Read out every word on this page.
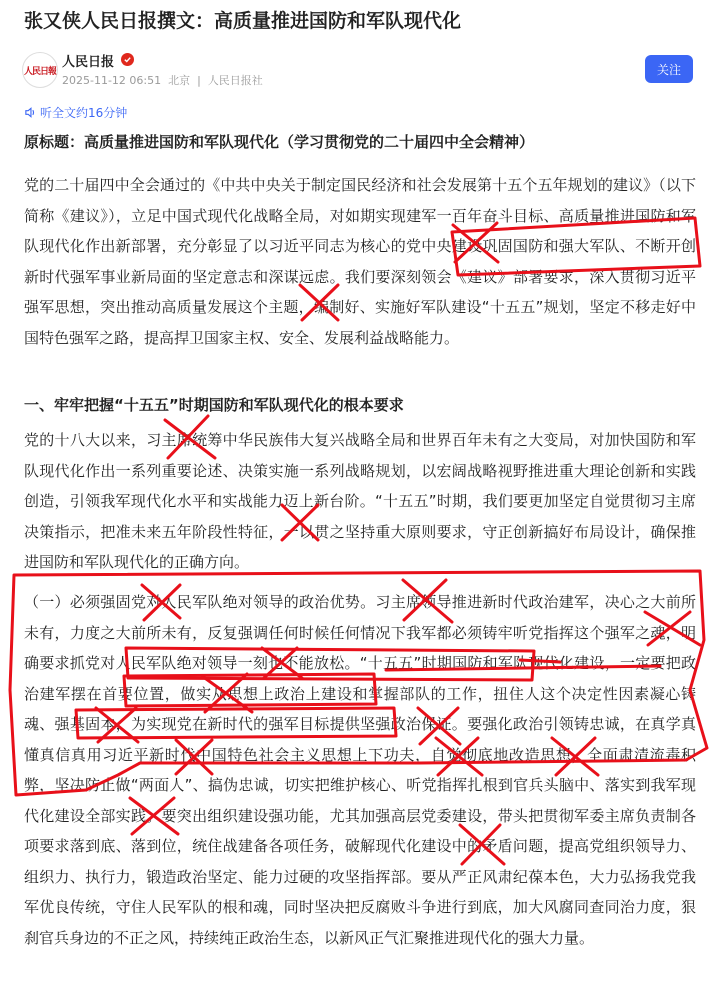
张又侠人民日报撰文：高质量推进国防和军队现代化
人民日報
人民日报
2025-11-12 06:51  北京  |  人民日报社
关注
听全文约16分钟
原标题：高质量推进国防和军队现代化（学习贯彻党的二十届四中全会精神）
党的二十届四中全会通过的《中共中央关于制定国民经济和社会发展第十五个五年规划的建议》（以下简称《建议》），立足中国式现代化战略全局，对如期实现建军一百年奋斗目标、高质量推进国防和军队现代化作出新部署，充分彰显了以习近平同志为核心的党中央建设巩固国防和强大军队、不断开创新时代强军事业新局面的坚定意志和深谋远虑。我们要深刻领会《建议》部署要求，深入贯彻习近平强军思想，突出推动高质量发展这个主题，编制好、实施好军队建设“十五五”规划，坚定不移走好中国特色强军之路，提高捍卫国家主权、安全、发展利益战略能力。
一、牢牢把握“十五五”时期国防和军队现代化的根本要求
党的十八大以来，习主席统筹中华民族伟大复兴战略全局和世界百年未有之大变局，对加快国防和军队现代化作出一系列重要论述、决策实施一系列战略规划，以宏阔战略视野推进重大理论创新和实践创造，引领我军现代化水平和实战能力迈上新台阶。“十五五”时期，我们要更加坚定自觉贯彻习主席决策指示，把准未来五年阶段性特征，一以贯之坚持重大原则要求，守正创新搞好布局设计，确保推进国防和军队现代化的正确方向。
（一）必须强固党对人民军队绝对领导的政治优势。习主席领导推进新时代政治建军，决心之大前所未有，力度之大前所未有，反复强调任何时候任何情况下我军都必须铸牢听党指挥这个强军之魂，明确要求抓党对人民军队绝对领导一刻也不能放松。“十五五”时期国防和军队现代化建设，一定要把政治建军摆在首要位置，做实从思想上政治上建设和掌握部队的工作，扭住人这个决定性因素凝心铸魂、强基固本，为实现党在新时代的强军目标提供坚强政治保证。要强化政治引领铸忠诚，在真学真懂真信真用习近平新时代中国特色社会主义思想上下功夫，自觉彻底地改造思想，全面肃清流毒积弊，坚决防止做“两面人”、搞伪忠诚，切实把维护核心、听党指挥扎根到官兵头脑中、落实到我军现代化建设全部实践。要突出组织建设强功能，尤其加强高层党委建设，带头把贯彻军委主席负责制各项要求落到底、落到位，统住战建备各项任务，破解现代化建设中的矛盾问题，提高党组织领导力、组织力、执行力，锻造政治坚定、能力过硬的攻坚指挥部。要从严正风肃纪葆本色，大力弘扬我党我军优良传统，守住人民军队的根和魂，同时坚决把反腐败斗争进行到底，加大风腐同查同治力度，狠刹官兵身边的不正之风，持续纯正政治生态，以新风正气汇聚推进现代化的强大力量。
